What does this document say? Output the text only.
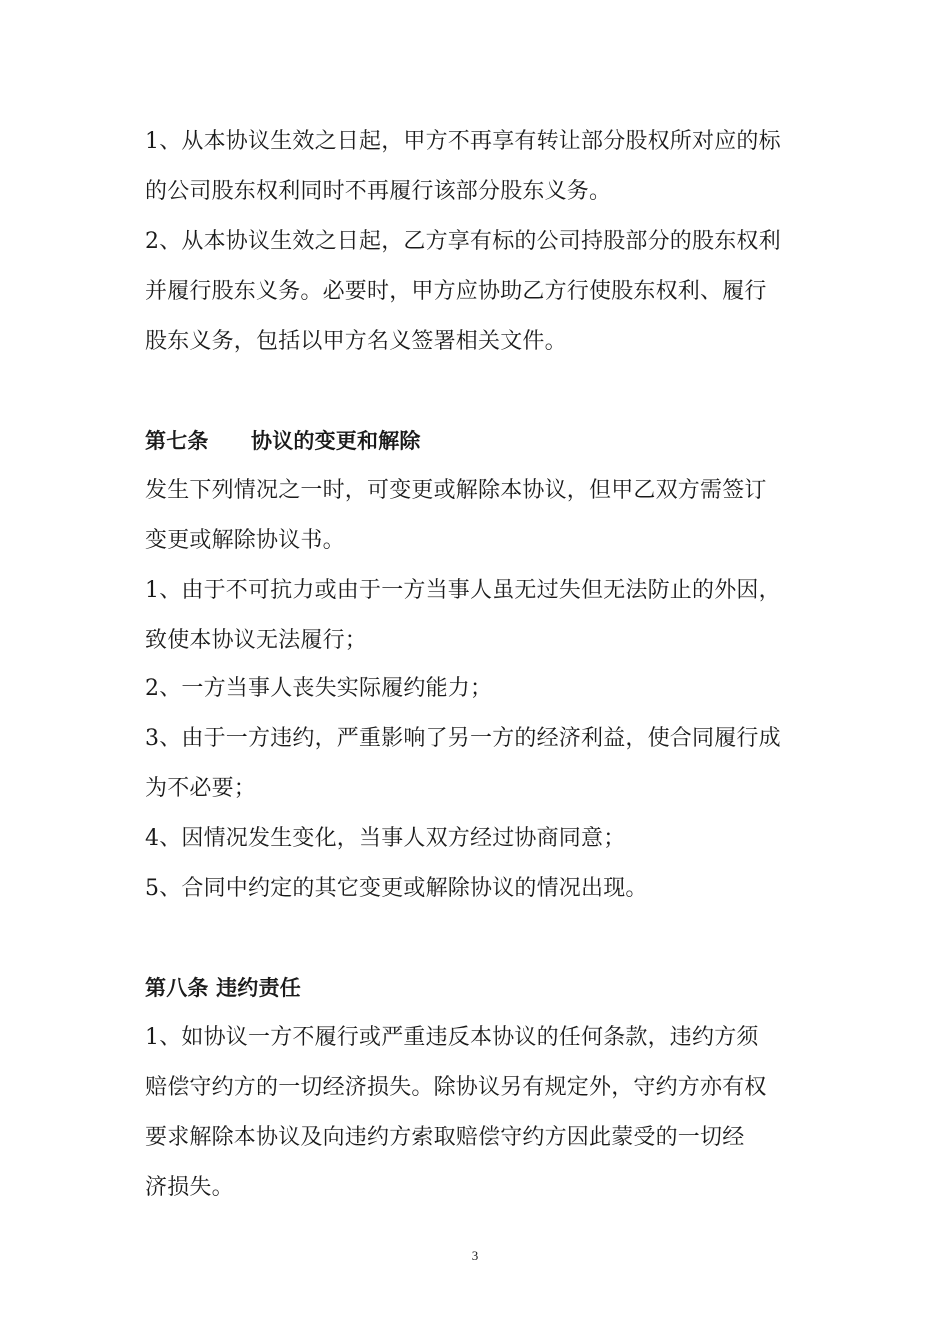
1、从本协议生效之日起，甲方不再享有转让部分股权所对应的标

的公司股东权利同时不再履行该部分股东义务。

2、从本协议生效之日起，乙方享有标的公司持股部分的股东权利

并履行股东义务。必要时，甲方应协助乙方行使股东权利、履行

股东义务，包括以甲方名义签署相关文件。

第七条　　协议的变更和解除

发生下列情况之一时，可变更或解除本协议，但甲乙双方需签订

变更或解除协议书。

1、由于不可抗力或由于一方当事人虽无过失但无法防止的外因，

致使本协议无法履行；

2、一方当事人丧失实际履约能力；

3、由于一方违约，严重影响了另一方的经济利益，使合同履行成

为不必要；

4、因情况发生变化，当事人双方经过协商同意；

5、合同中约定的其它变更或解除协议的情况出现。

第八条 违约责任

1、如协议一方不履行或严重违反本协议的任何条款，违约方须

赔偿守约方的一切经济损失。除协议另有规定外，守约方亦有权

要求解除本协议及向违约方索取赔偿守约方因此蒙受的一切经

济损失。

3
